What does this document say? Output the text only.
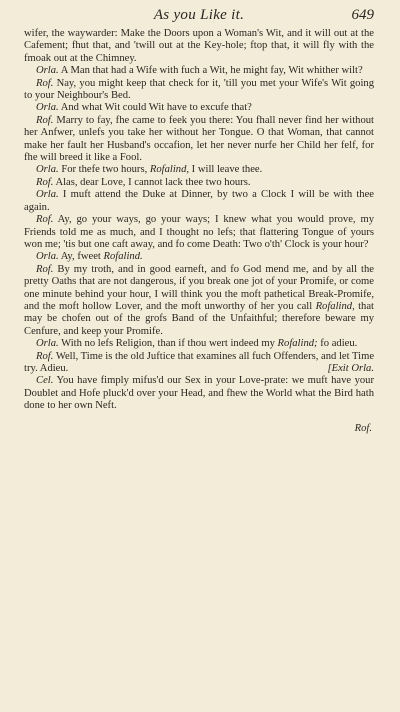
As you Like it.	649

wifer, the waywarder: Make the Doors upon a Woman's Wit, and it will out at the Cafement; fhut that, and 'twill out at the Key-hole; ftop that, it will fly with the fmoak out at the Chimney.

Orla. A Man that had a Wife with fuch a Wit, he might fay, Wit whither wilt?

Rof. Nay, you might keep that check for it, 'till you met your Wife's Wit going to your Neighbour's Bed.

Orla. And what Wit could Wit have to excufe that?

Rof. Marry to fay, fhe came to feek you there: You fhall never find her without her Anfwer, unlefs you take her without her Tongue. O that Woman, that cannot make her fault her Husband's occafion, let her never nurfe her Child her felf, for fhe will breed it like a Fool.

Orla. For thefe two hours, Rofalind, I will leave thee.

Rof. Alas, dear Love, I cannot lack thee two hours.

Orla. I muft attend the Duke at Dinner, by two a Clock I will be with thee again.

Rof. Ay, go your ways, go your ways; I knew what you would prove, my Friends told me as much, and I thought no lefs; that flattering Tongue of yours won me; 'tis but one caft away, and fo come Death: Two o'th' Clock is your hour?

Orla. Ay, fweet Rofalind.

Rof. By my troth, and in good earneft, and fo God mend me, and by all the pretty Oaths that are not dangerous, if you break one jot of your Promife, or come one minute behind your hour, I will think you the moft pathetical Break-Promife, and the moft hollow Lover, and the moft unworthy of her you call Rofalind, that may be chofen out of the grofs Band of the Unfaithful; therefore beware my Cenfure, and keep your Promife.

Orla. With no lefs Religion, than if thou wert indeed my Rofalind; fo adieu.

Rof. Well, Time is the old Juftice that examines all fuch Offenders, and let Time try. Adieu.	[Exit Orla.

Cel. You have fimply mifus'd our Sex in your Love-prate: we muft have your Doublet and Hofe pluck'd over your Head, and fhew the World what the Bird hath done to her own Neft.

Rof.
